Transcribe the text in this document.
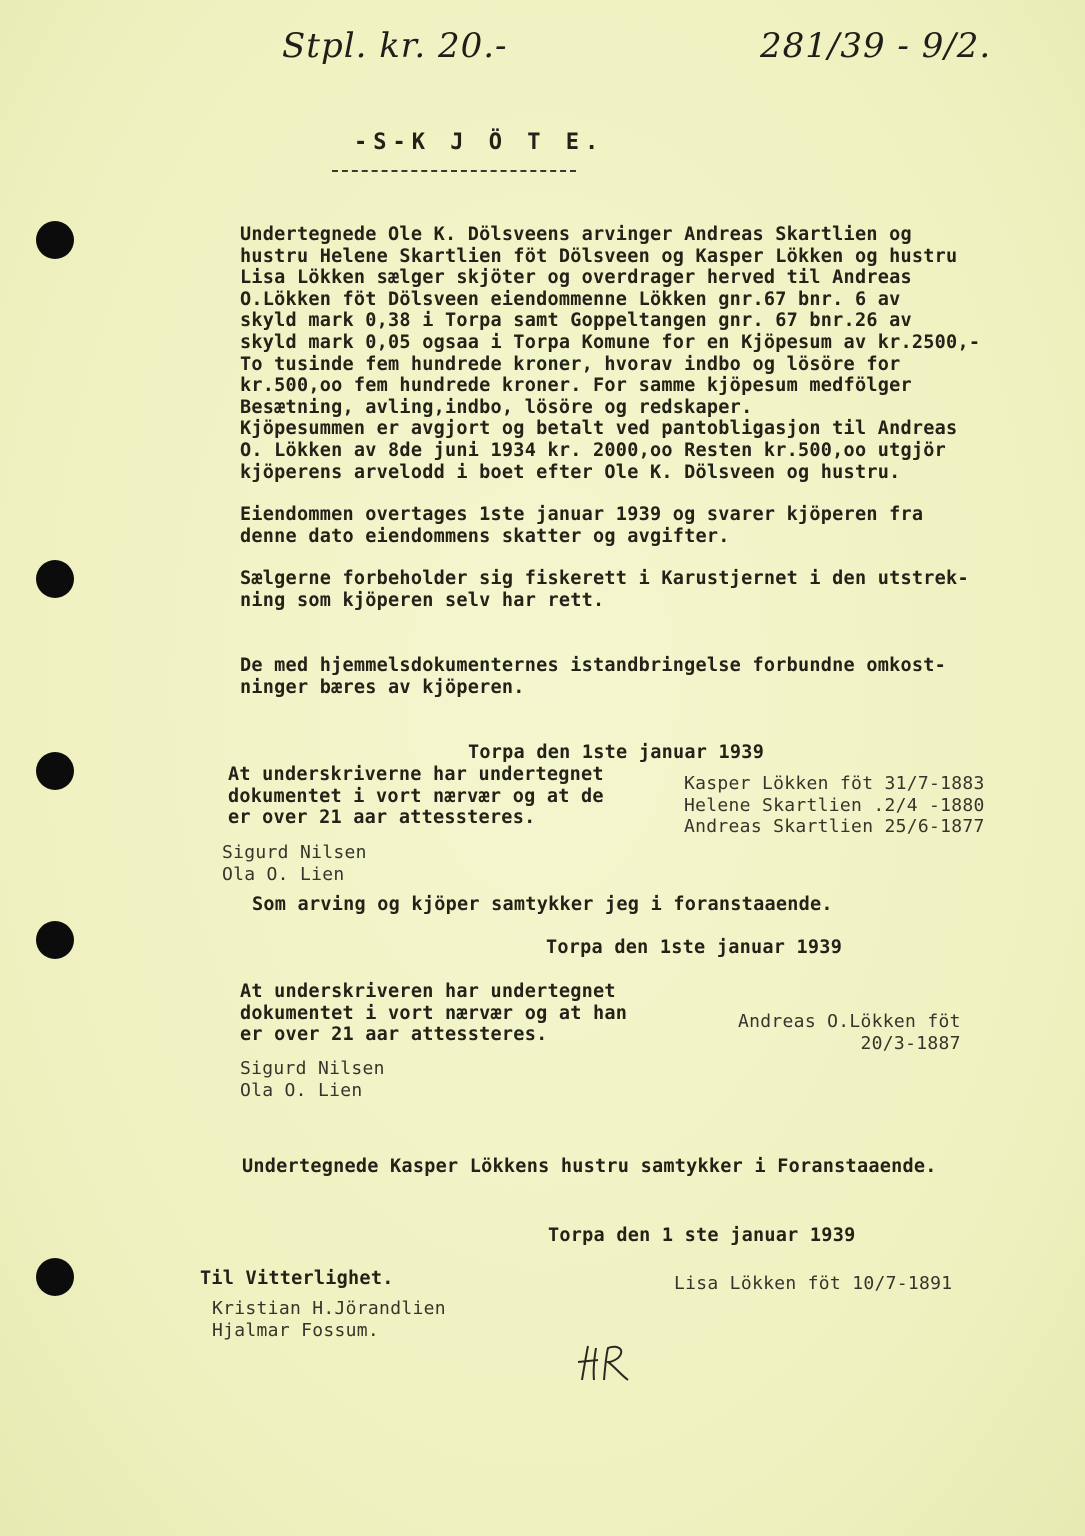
Stpl. kr. 20.-	281/39 - 9/2.
-S-K J Ö T E.
Undertegnede Ole K. Dölsveens arvinger Andreas Skartlien og
hustru Helene Skartlien föt Dölsveen og Kasper Lökken og hustru
Lisa Lökken sælger skjöter og overdrager herved til Andreas
O.Lökken föt Dölsveen eiendommenne Lökken gnr.67 bnr. 6 av
skyld mark 0,38 i Torpa samt Goppeltangen gnr. 67 bnr.26 av
skyld mark 0,05 ogsaa i Torpa Komune for en Kjöpesum av kr.2500,-
To tusinde fem hundrede kroner, hvorav indbo og lösöre for
kr.500,oo fem hundrede kroner. For samme kjöpesum medfölger
Besætning, avling,indbo, lösöre og redskaper.
Kjöpesummen er avgjort og betalt ved pantobligasjon til Andreas
O. Lökken av 8de juni 1934 kr. 2000,oo Resten kr.500,oo utgjör
kjöperens arvelodd i boet efter Ole K. Dölsveen og hustru.
Eiendommen overtages 1ste januar 1939 og svarer kjöperen fra
denne dato eiendommens skatter og avgifter.
Sælgerne forbeholder sig fiskerett i Karustjernet i den utstrek-
ning som kjöperen selv har rett.
De med hjemmelsdokumenternes istandbringelse forbundne omkost-
ninger bæres av kjöperen.
Torpa den 1ste januar 1939
At underskriverne har undertegnet
dokumentet i vort nærvær og at de
er over 21 aar attessteres.
Kasper Lökken föt 31/7-1883
Helene Skartlien .2/4 -1880
Andreas Skartlien 25/6-1877
Sigurd Nilsen
Ola O. Lien
Som arving og kjöper samtykker jeg i foranstaaende.
Torpa den 1ste januar 1939
At underskriveren har undertegnet
dokumentet i vort nærvær og at han
er over 21 aar attessteres.
Andreas O.Lökken föt
20/3-1887
Sigurd Nilsen
Ola O. Lien
Undertegnede Kasper Lökkens hustru samtykker i Foranstaaende.
Torpa den 1 ste januar 1939
Til Vitterlighet.	Lisa Lökken föt 10/7-1891
Kristian H.Jörandlien
Hjalmar Fossum.
